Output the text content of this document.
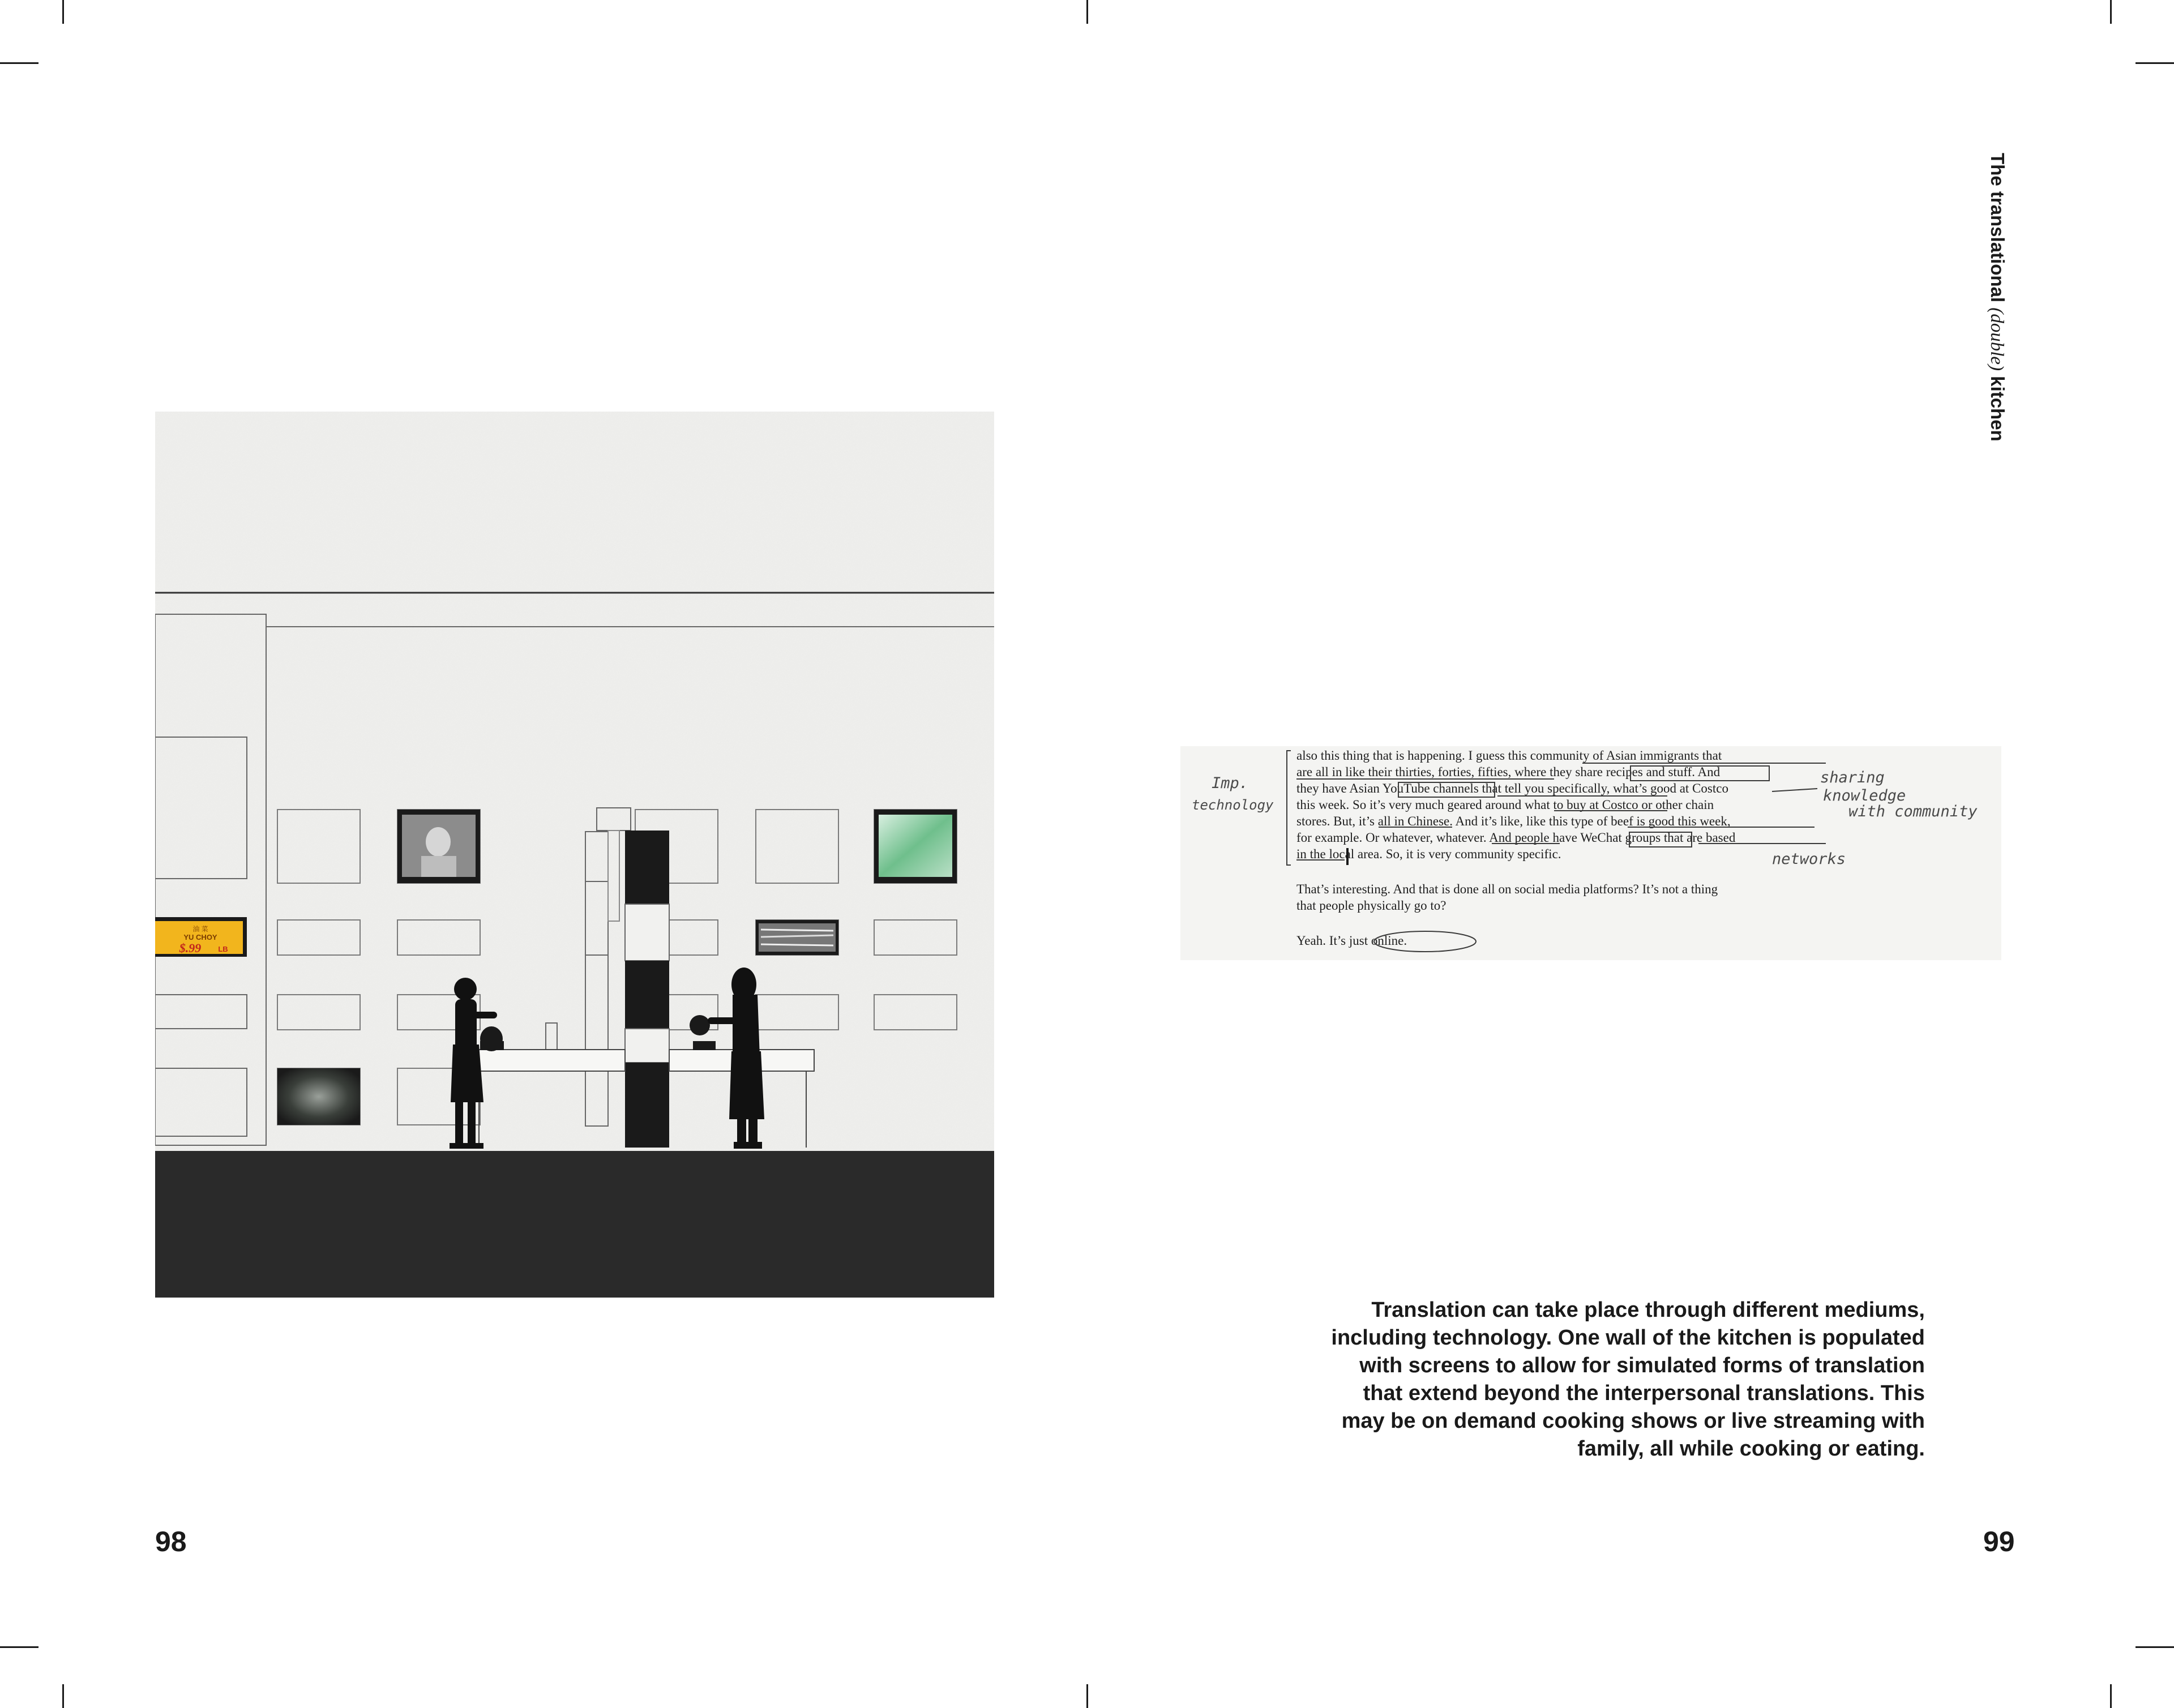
油 菜
YU CHOY
$.99 LB
98
The translational (double) kitchen
also this thing that is happening. I guess this community of Asian immigrants that
are all in like their thirties, forties, fifties, where they share recipes and stuff. And
they have Asian YouTube channels that tell you specifically, what’s good at Costco
this week. So it’s very much geared around what to buy at Costco or other chain
stores. But, it’s all in Chinese. And it’s like, like this type of beef is good this week,
for example. Or whatever, whatever. And people have WeChat groups that are based
in the local area. So, it is very community specific.
That’s interesting. And that is done all on social media platforms? It’s not a thing
that people physically go to?
Yeah. It’s just online.
Imp.
technology
sharing
knowledge
with community
networks
Translation can take place through different mediums,
including technology. One wall of the kitchen is populated
with screens to allow for simulated forms of translation
that extend beyond the interpersonal translations. This
may be on demand cooking shows or live streaming with
family, all while cooking or eating.
99
